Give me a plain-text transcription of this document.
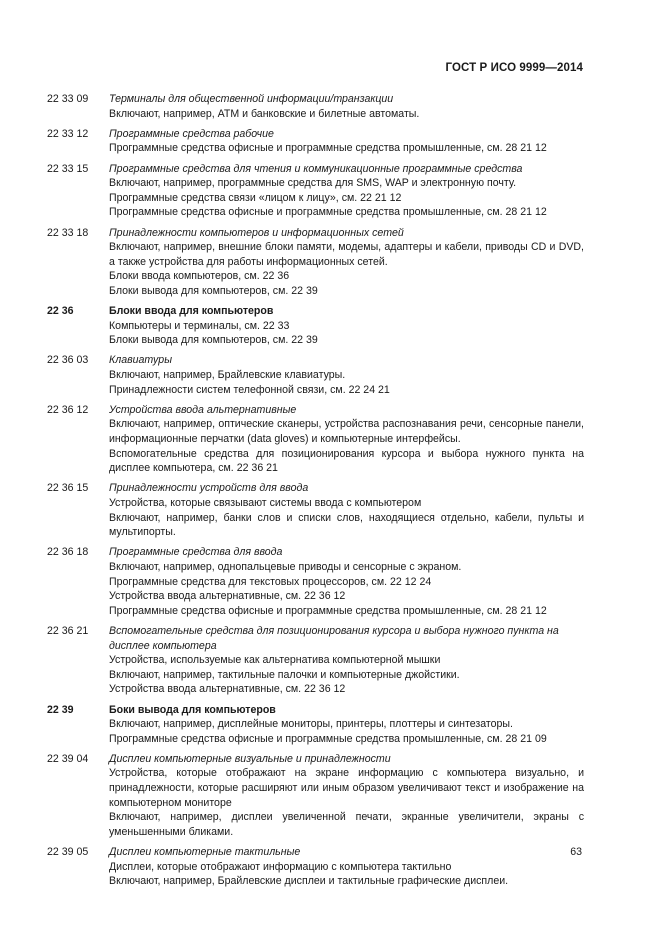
ГОСТ Р ИСО 9999—2014
22 33 09	Терминалы для общественной информации/транзакции
Включают, например, АТМ и банковские и билетные автоматы.
22 33 12	Программные средства рабочие
Программные средства офисные и программные средства промышленные, см. 28 21 12
22 33 15	Программные средства для чтения и коммуникационные программные средства
Включают, например, программные средства для SMS, WAP и электронную почту.
Программные средства связи «лицом к лицу», см. 22 21 12
Программные средства офисные и программные средства промышленные, см. 28 21 12
22 33 18	Принадлежности компьютеров и информационных сетей
Включают, например, внешние блоки памяти, модемы, адаптеры и кабели, приводы CD и DVD, а также устройства для работы информационных сетей.
Блоки ввода компьютеров, см. 22 36
Блоки вывода для компьютеров, см. 22 39
22 36	Блоки ввода для компьютеров
Компьютеры и терминалы, см. 22 33
Блоки вывода для компьютеров, см. 22 39
22 36 03	Клавиатуры
Включают, например, Брайлевские клавиатуры.
Принадлежности систем телефонной связи, см. 22 24 21
22 36 12	Устройства ввода альтернативные
Включают, например, оптические сканеры, устройства распознавания речи, сенсорные панели, информационные перчатки (data gloves) и компьютерные интерфейсы.
Вспомогательные средства для позиционирования курсора и выбора нужного пункта на дисплее компьютера, см. 22 36 21
22 36 15	Принадлежности устройств для ввода
Устройства, которые связывают системы ввода с компьютером
Включают, например, банки слов и списки слов, находящиеся отдельно, кабели, пульты и мультипорты.
22 36 18	Программные средства для ввода
Включают, например, однопальцевые приводы и сенсорные с экраном.
Программные средства для текстовых процессоров, см. 22 12 24
Устройства ввода альтернативные, см. 22 36 12
Программные средства офисные и программные средства промышленные, см. 28 21 12
22 36 21	Вспомогательные средства для позиционирования курсора и выбора нужного пункта на дисплее компьютера
Устройства, используемые как альтернатива компьютерной мышки
Включают, например, тактильные палочки и компьютерные джойстики.
Устройства ввода альтернативные, см. 22 36 12
22 39	Боки вывода для компьютеров
Включают, например, дисплейные мониторы, принтеры, плоттеры и синтезаторы.
Программные средства офисные и программные средства промышленные, см. 28 21 09
22 39 04	Дисплеи компьютерные визуальные и принадлежности
Устройства, которые отображают на экране информацию с компьютера визуально, и принадлежности, которые расширяют или иным образом увеличивают текст и изображение на компьютерном мониторе
Включают, например, дисплеи увеличенной печати, экранные увеличители, экраны с уменьшенными бликами.
22 39 05	Дисплеи компьютерные тактильные
Дисплеи, которые отображают информацию с компьютера тактильно
Включают, например, Брайлевские дисплеи и тактильные графические дисплеи.
63
